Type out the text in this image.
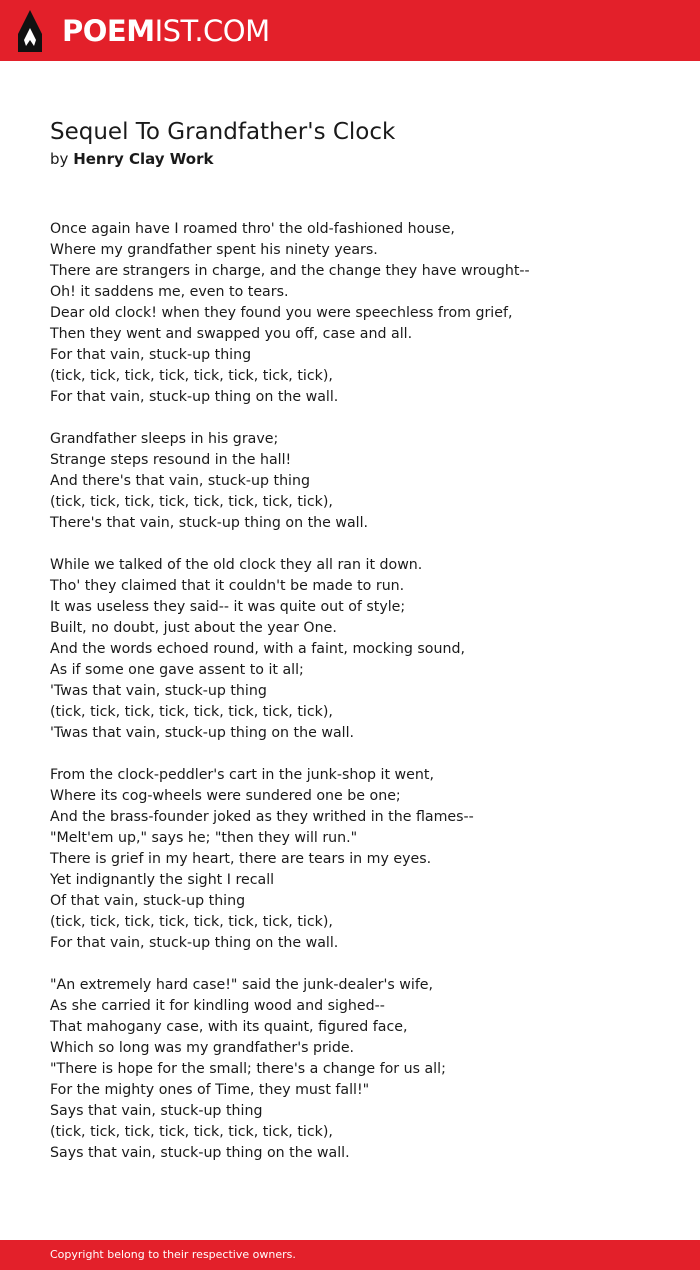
POEMIST.COM
Sequel To Grandfather's Clock
by Henry Clay Work
Once again have I roamed thro' the old-fashioned house,
Where my grandfather spent his ninety years.
There are strangers in charge, and the change they have wrought--
Oh! it saddens me, even to tears.
Dear old clock! when they found you were speechless from grief,
Then they went and swapped you off, case and all.
For that vain, stuck-up thing
(tick, tick, tick, tick, tick, tick, tick, tick),
For that vain, stuck-up thing on the wall.
Grandfather sleeps in his grave;
Strange steps resound in the hall!
And there's that vain, stuck-up thing
(tick, tick, tick, tick, tick, tick, tick, tick),
There's that vain, stuck-up thing on the wall.
While we talked of the old clock they all ran it down.
Tho' they claimed that it couldn't be made to run.
It was useless they said-- it was quite out of style;
Built, no doubt, just about the year One.
And the words echoed round, with a faint, mocking sound,
As if some one gave assent to it all;
'Twas that vain, stuck-up thing
(tick, tick, tick, tick, tick, tick, tick, tick),
'Twas that vain, stuck-up thing on the wall.
From the clock-peddler's cart in the junk-shop it went,
Where its cog-wheels were sundered one be one;
And the brass-founder joked as they writhed in the flames--
"Melt'em up," says he; "then they will run."
There is grief in my heart, there are tears in my eyes.
Yet indignantly the sight I recall
Of that vain, stuck-up thing
(tick, tick, tick, tick, tick, tick, tick, tick),
For that vain, stuck-up thing on the wall.
"An extremely hard case!" said the junk-dealer's wife,
As she carried it for kindling wood and sighed--
That mahogany case, with its quaint, figured face,
Which so long was my grandfather's pride.
"There is hope for the small; there's a change for us all;
For the mighty ones of Time, they must fall!"
Says that vain, stuck-up thing
(tick, tick, tick, tick, tick, tick, tick, tick),
Says that vain, stuck-up thing on the wall.
Copyright belong to their respective owners.
